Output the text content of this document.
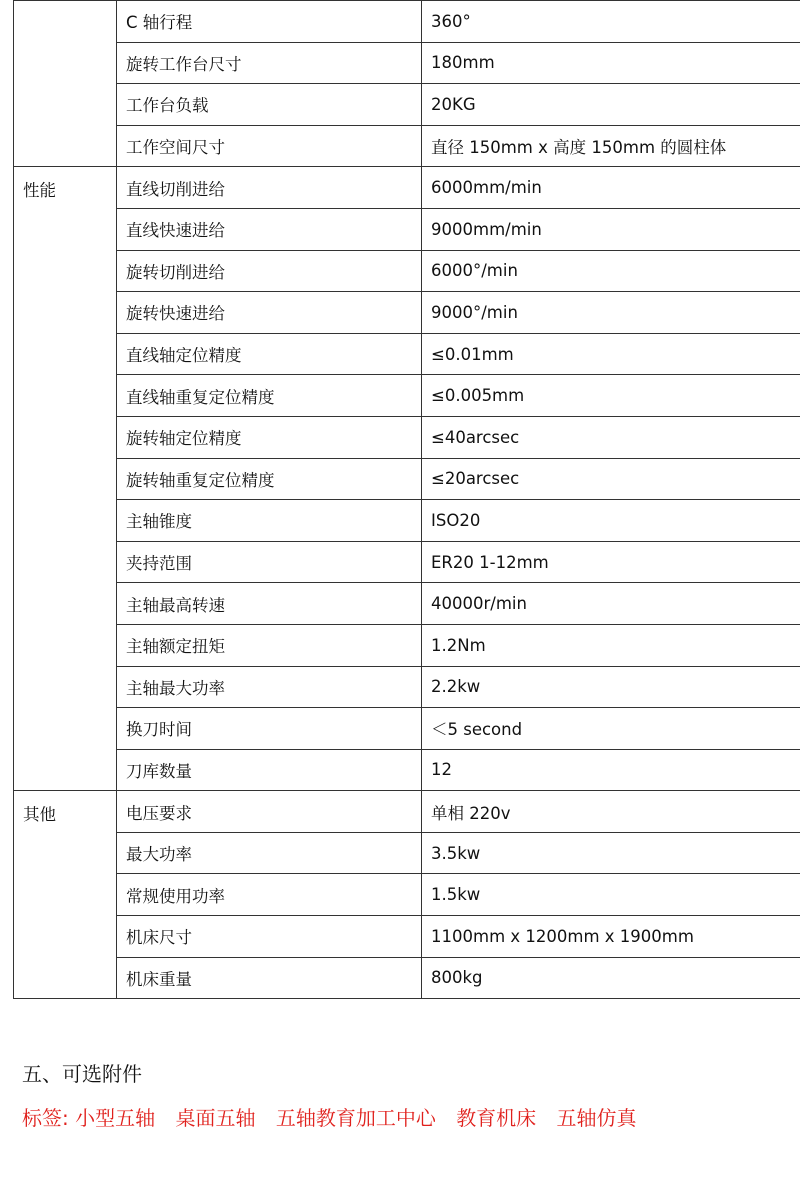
	C 轴行程	360°
	旋转工作台尺寸	180mm
	工作台负载	20KG
	工作空间尺寸	直径 150mm x 高度 150mm 的圆柱体
性能	直线切削进给	6000mm/min
	直线快速进给	9000mm/min
	旋转切削进给	6000°/min
	旋转快速进给	9000°/min
	直线轴定位精度	≤0.01mm
	直线轴重复定位精度	≤0.005mm
	旋转轴定位精度	≤40arcsec
	旋转轴重复定位精度	≤20arcsec
	主轴锥度	ISO20
	夹持范围	ER20 1-12mm
	主轴最高转速	40000r/min
	主轴额定扭矩	1.2Nm
	主轴最大功率	2.2kw
	换刀时间	＜5 second
	刀库数量	12
其他	电压要求	单相 220v
	最大功率	3.5kw
	常规使用功率	1.5kw
	机床尺寸	1100mm x 1200mm x 1900mm
	机床重量	800kg
五、可选附件
标签: 小型五轴 桌面五轴 五轴教育加工中心 教育机床 五轴仿真
